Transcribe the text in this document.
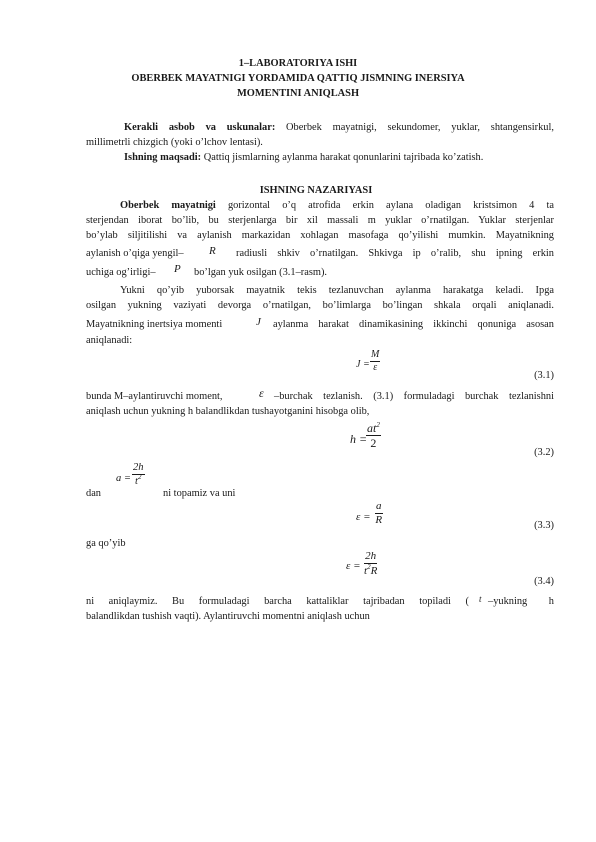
1–LABORATORIYA ISHI
OBERBEK MAYATNIGI YORDAMIDA QATTIQ JISMNING INERSIYA
MOMENTINI ANIQLASH
Kerakli asbob va uskunalar: Oberbek mayatnigi, sekundomer, yuklar, shtangensirkul,
millimetrli chizgich (yoki o’lchov lentasi).
Ishning maqsadi: Qattiq jismlarning aylanma harakat qonunlarini tajribada ko’zatish.
ISHNING NAZARIYASI
Oberbek mayatnigi gorizontal o’q atrofida erkin aylana oladigan kristsimon 4 ta
sterjendan iborat bo’lib, bu sterjenlarga bir xil massali m yuklar o’rnatilgan. Yuklar sterjenlar
bo’ylab siljitilishi va aylanish markazidan xohlagan masofaga qo’yilishi mumkin. Mayatnikning
aylanish o’qiga yengil– R radiusli shkiv o’rnatilgan. Shkivga ip o’ralib, shu ipning erkin
uchiga og’irligi– P bo’lgan yuk osilgan (3.1–rasm).
Yukni qo’yib yuborsak mayatnik tekis tezlanuvchan aylanma harakatga keladi. Ipga
osilgan yukning vaziyati devorga o’rnatilgan, bo’limlarga bo’lingan shkala orqali aniqlanadi.
Mayatnikning inertsiya momenti	J aylanma harakat dinamikasining ikkinchi qonuniga asosan
aniqlanadi:
$J = \frac{M}{\varepsilon}$
(3.1)
bunda M–aylantiruvchi moment,	ε –burchak tezlanish. (3.1) formuladagi burchak tezlanishni
aniqlash uchun yukning h balandlikdan tushayotganini hisobga olib,
h =
$\frac{at^2}{2}$
(3.2)
$a = \frac{2h}{t^2}$
dan	ni topamiz va uni
$\varepsilon = \frac{a}{R}$	(3.3)
ga qo’yib
$\varepsilon = \frac{2h}{t^2R}$
(3.4)
ni aniqlaymiz. Bu formuladagi barcha kattaliklar tajribadan topiladi ( t –yukning h
balandlikdan tushish vaqti). Aylantiruvchi momentni aniqlash uchun
